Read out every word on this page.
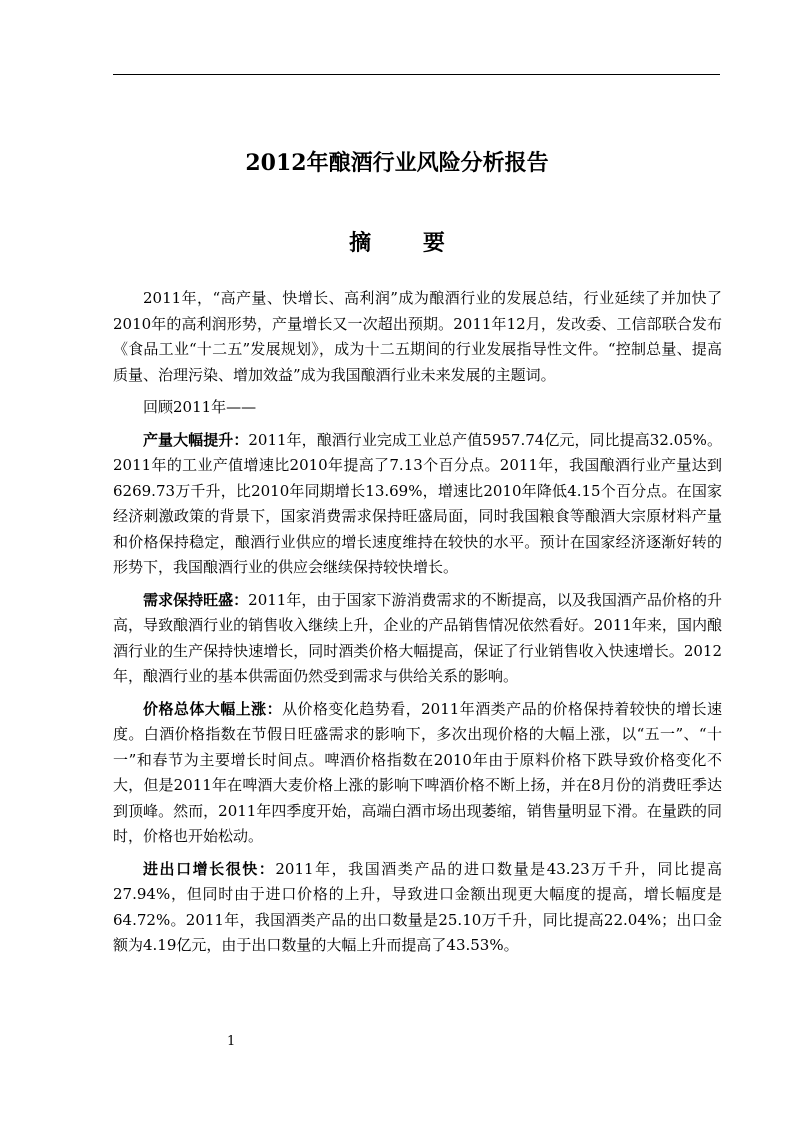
2012年酿酒行业风险分析报告
摘 要

2011年，“高产量、快增长、高利润”成为酿酒行业的发展总结，行业延续了并加快了2010年的高利润形势，产量增长又一次超出预期。2011年12月，发改委、工信部联合发布《食品工业“十二五”发展规划》，成为十二五期间的行业发展指导性文件。“控制总量、提高质量、治理污染、增加效益”成为我国酿酒行业未来发展的主题词。

回顾2011年——

产量大幅提升：2011年，酿酒行业完成工业总产值5957.74亿元，同比提高32.05%。2011年的工业产值增速比2010年提高了7.13个百分点。2011年，我国酿酒行业产量达到6269.73万千升，比2010年同期增长13.69%，增速比2010年降低4.15个百分点。在国家经济刺激政策的背景下，国家消费需求保持旺盛局面，同时我国粮食等酿酒大宗原材料产量和价格保持稳定，酿酒行业供应的增长速度维持在较快的水平。预计在国家经济逐渐好转的形势下，我国酿酒行业的供应会继续保持较快增长。

需求保持旺盛：2011年，由于国家下游消费需求的不断提高，以及我国酒产品价格的升高，导致酿酒行业的销售收入继续上升，企业的产品销售情况依然看好。2011年来，国内酿酒行业的生产保持快速增长，同时酒类价格大幅提高，保证了行业销售收入快速增长。2012年，酿酒行业的基本供需面仍然受到需求与供给关系的影响。

价格总体大幅上涨：从价格变化趋势看，2011年酒类产品的价格保持着较快的增长速度。白酒价格指数在节假日旺盛需求的影响下，多次出现价格的大幅上涨，以“五一”、“十一”和春节为主要增长时间点。啤酒价格指数在2010年由于原料价格下跌导致价格变化不大，但是2011年在啤酒大麦价格上涨的影响下啤酒价格不断上扬，并在8月份的消费旺季达到顶峰。然而，2011年四季度开始，高端白酒市场出现萎缩，销售量明显下滑。在量跌的同时，价格也开始松动。

进出口增长很快：2011年，我国酒类产品的进口数量是43.23万千升，同比提高27.94%，但同时由于进口价格的上升，导致进口金额出现更大幅度的提高，增长幅度是64.72%。2011年，我国酒类产品的出口数量是25.10万千升，同比提高22.04%；出口金额为4.19亿元，由于出口数量的大幅上升而提高了43.53%。

1
